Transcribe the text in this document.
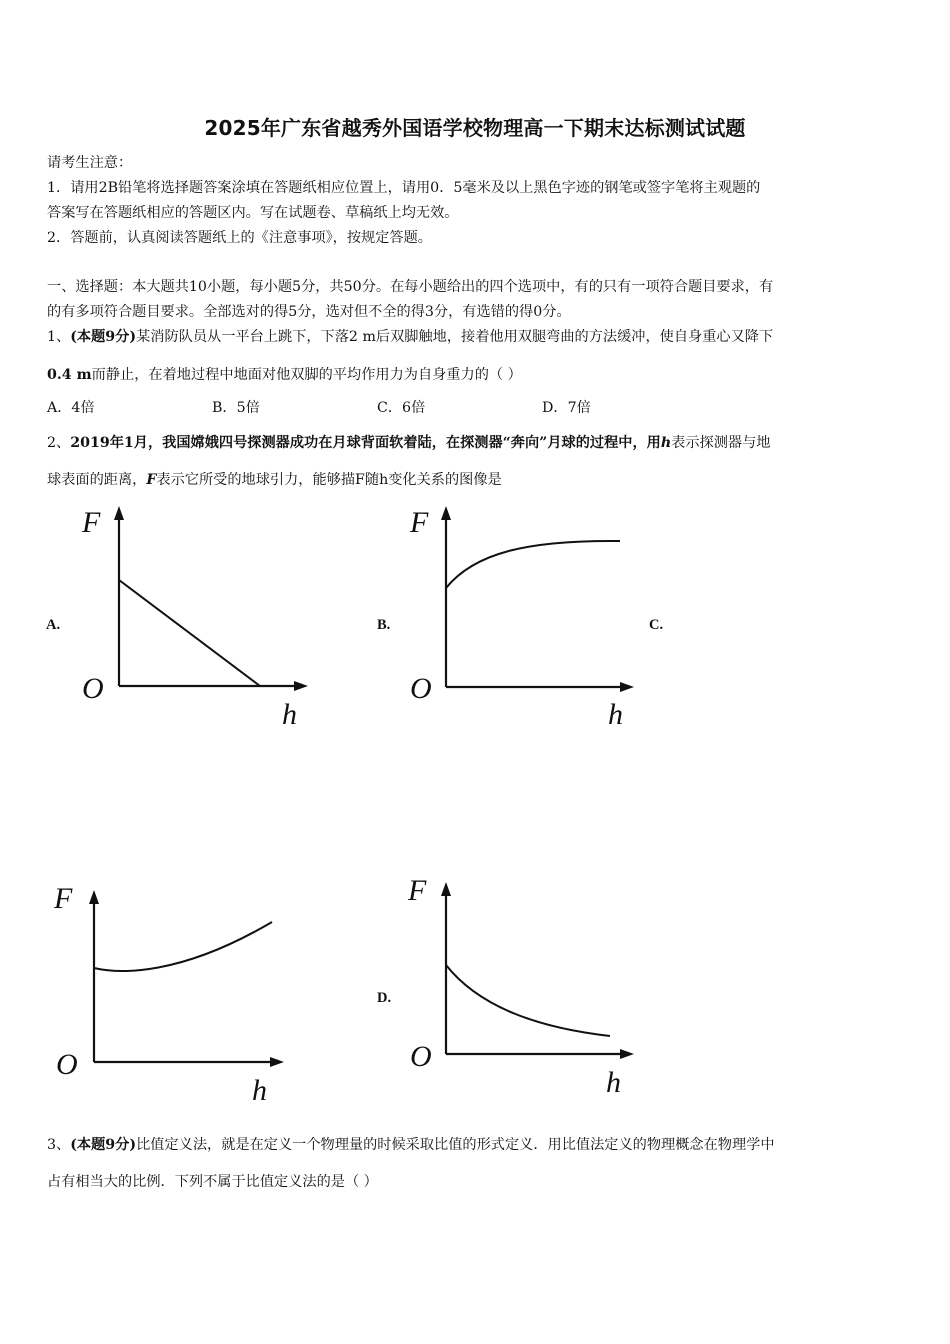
2025年广东省越秀外国语学校物理高一下期末达标测试试题
请考生注意：
1．请用2B铅笔将选择题答案涂填在答题纸相应位置上，请用0．5毫米及以上黑色字迹的钢笔或签字笔将主观题的
答案写在答题纸相应的答题区内。写在试题卷、草稿纸上均无效。
2．答题前，认真阅读答题纸上的《注意事项》，按规定答题。
一、选择题：本大题共10小题，每小题5分，共50分。在每小题给出的四个选项中，有的只有一项符合题目要求，有
的有多项符合题目要求。全部选对的得5分，选对但不全的得3分，有选错的得0分。
1、(本题9分)某消防队员从一平台上跳下，下落2 m后双脚触地，接着他用双腿弯曲的方法缓冲，使自身重心又降下
0.4 m而静止，在着地过程中地面对他双脚的平均作用力为自身重力的（ ）
A．4倍	B．5倍	C．6倍	D．7倍
2、2019年1月，我国嫦娥四号探测器成功在月球背面软着陆，在探测器“奔向”月球的过程中，用h表示探测器与地
球表面的距离，F表示它所受的地球引力，能够描F随h变化关系的图像是
A.	B.	C.
D.
F
O
h
F
O
h
F
O
h
F
O
h
3、(本题9分)比值定义法，就是在定义一个物理量的时候采取比值的形式定义．用比值法定义的物理概念在物理学中
占有相当大的比例．下列不属于比值定义法的是（ ）
